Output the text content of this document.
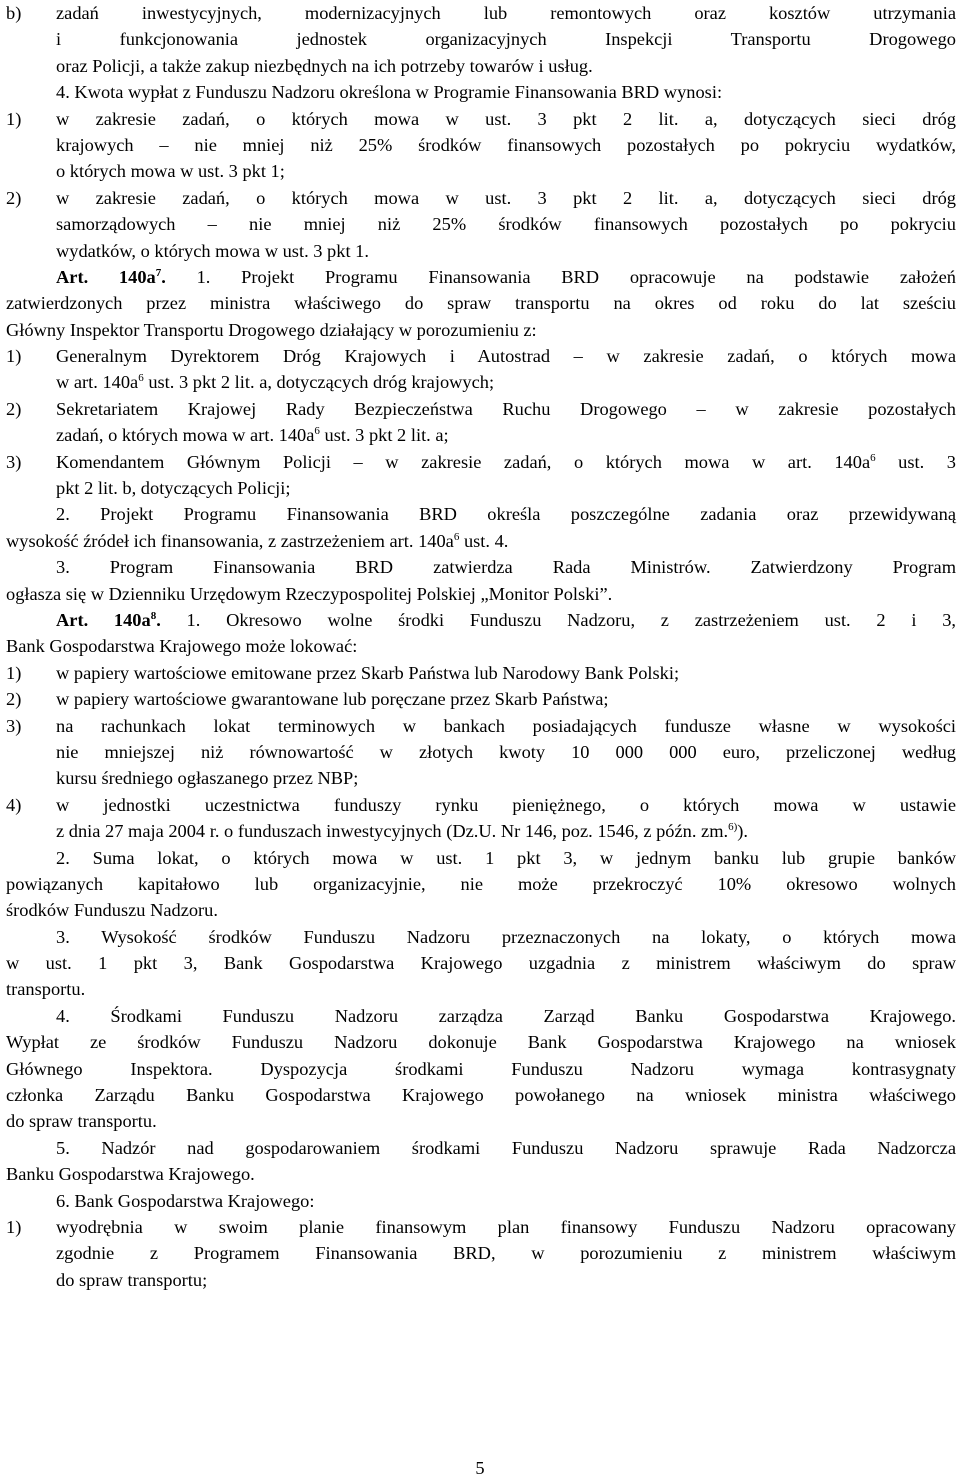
b)	zadań inwestycyjnych, modernizacyjnych lub remontowych oraz kosztów utrzymania
i funkcjonowania jednostek organizacyjnych Inspekcji Transportu Drogowego
oraz Policji, a także zakup niezbędnych na ich potrzeby towarów i usług.
4. Kwota wypłat z Funduszu Nadzoru określona w Programie Finansowania BRD wynosi:
1)	w zakresie zadań, o których mowa w ust. 3 pkt 2 lit. a, dotyczących sieci dróg
krajowych – nie mniej niż 25% środków finansowych pozostałych po pokryciu wydatków,
o których mowa w ust. 3 pkt 1;
2)	w zakresie zadań, o których mowa w ust. 3 pkt 2 lit. a, dotyczących sieci dróg
samorządowych – nie mniej niż 25% środków finansowych pozostałych po pokryciu
wydatków, o których mowa w ust. 3 pkt 1.
Art. $140a^7$. 1. Projekt Programu Finansowania BRD opracowuje na podstawie założeń
zatwierdzonych przez ministra właściwego do spraw transportu na okres od roku do lat sześciu
Główny Inspektor Transportu Drogowego działający w porozumieniu z:
1)	Generalnym Dyrektorem Dróg Krajowych i Autostrad – w zakresie zadań, o których mowa
w art. $140a^6$ ust. 3 pkt 2 lit. a, dotyczących dróg krajowych;
2)	Sekretariatem Krajowej Rady Bezpieczeństwa Ruchu Drogowego – w zakresie pozostałych
zadań, o których mowa w art. $140a^6$ ust. 3 pkt 2 lit. a;
3)	Komendantem Głównym Policji – w zakresie zadań, o których mowa w art. $140a^6$ ust. 3
pkt 2 lit. b, dotyczących Policji;
2. Projekt Programu Finansowania BRD określa poszczególne zadania oraz przewidywaną
wysokość źródeł ich finansowania, z zastrzeżeniem art. $140a^6$ ust. 4.
3. Program Finansowania BRD zatwierdza Rada Ministrów. Zatwierdzony Program
ogłasza się w Dzienniku Urzędowym Rzeczypospolitej Polskiej „Monitor Polski”.
Art. $140a^8$. 1. Okresowo wolne środki Funduszu Nadzoru, z zastrzeżeniem ust. 2 i 3,
Bank Gospodarstwa Krajowego może lokować:
1)	w papiery wartościowe emitowane przez Skarb Państwa lub Narodowy Bank Polski;
2)	w papiery wartościowe gwarantowane lub poręczane przez Skarb Państwa;
3)	na rachunkach lokat terminowych w bankach posiadających fundusze własne w wysokości
nie mniejszej niż równowartość w złotych kwoty 10 000 000 euro, przeliczonej według
kursu średniego ogłaszanego przez NBP;
4)	w jednostki uczestnictwa funduszy rynku pieniężnego, o których mowa w ustawie
z dnia 27 maja 2004 r. o funduszach inwestycyjnych (Dz.U. Nr 146, poz. 1546, z późn. zm.$^{6)}$).
2. Suma lokat, o których mowa w ust. 1 pkt 3, w jednym banku lub grupie banków
powiązanych kapitałowo lub organizacyjnie, nie może przekroczyć 10% okresowo wolnych
środków Funduszu Nadzoru.
3. Wysokość środków Funduszu Nadzoru przeznaczonych na lokaty, o których mowa
w ust. 1 pkt 3, Bank Gospodarstwa Krajowego uzgadnia z ministrem właściwym do spraw
transportu.
4. Środkami Funduszu Nadzoru zarządza Zarząd Banku Gospodarstwa Krajowego.
Wypłat ze środków Funduszu Nadzoru dokonuje Bank Gospodarstwa Krajowego na wniosek
Głównego Inspektora. Dyspozycja środkami Funduszu Nadzoru wymaga kontrasygnaty
członka Zarządu Banku Gospodarstwa Krajowego powołanego na wniosek ministra właściwego
do spraw transportu.
5. Nadzór nad gospodarowaniem środkami Funduszu Nadzoru sprawuje Rada Nadzorcza
Banku Gospodarstwa Krajowego.
6. Bank Gospodarstwa Krajowego:
1)	wyodrębnia w swoim planie finansowym plan finansowy Funduszu Nadzoru opracowany
zgodnie z Programem Finansowania BRD, w porozumieniu z ministrem właściwym
do spraw transportu;
5
